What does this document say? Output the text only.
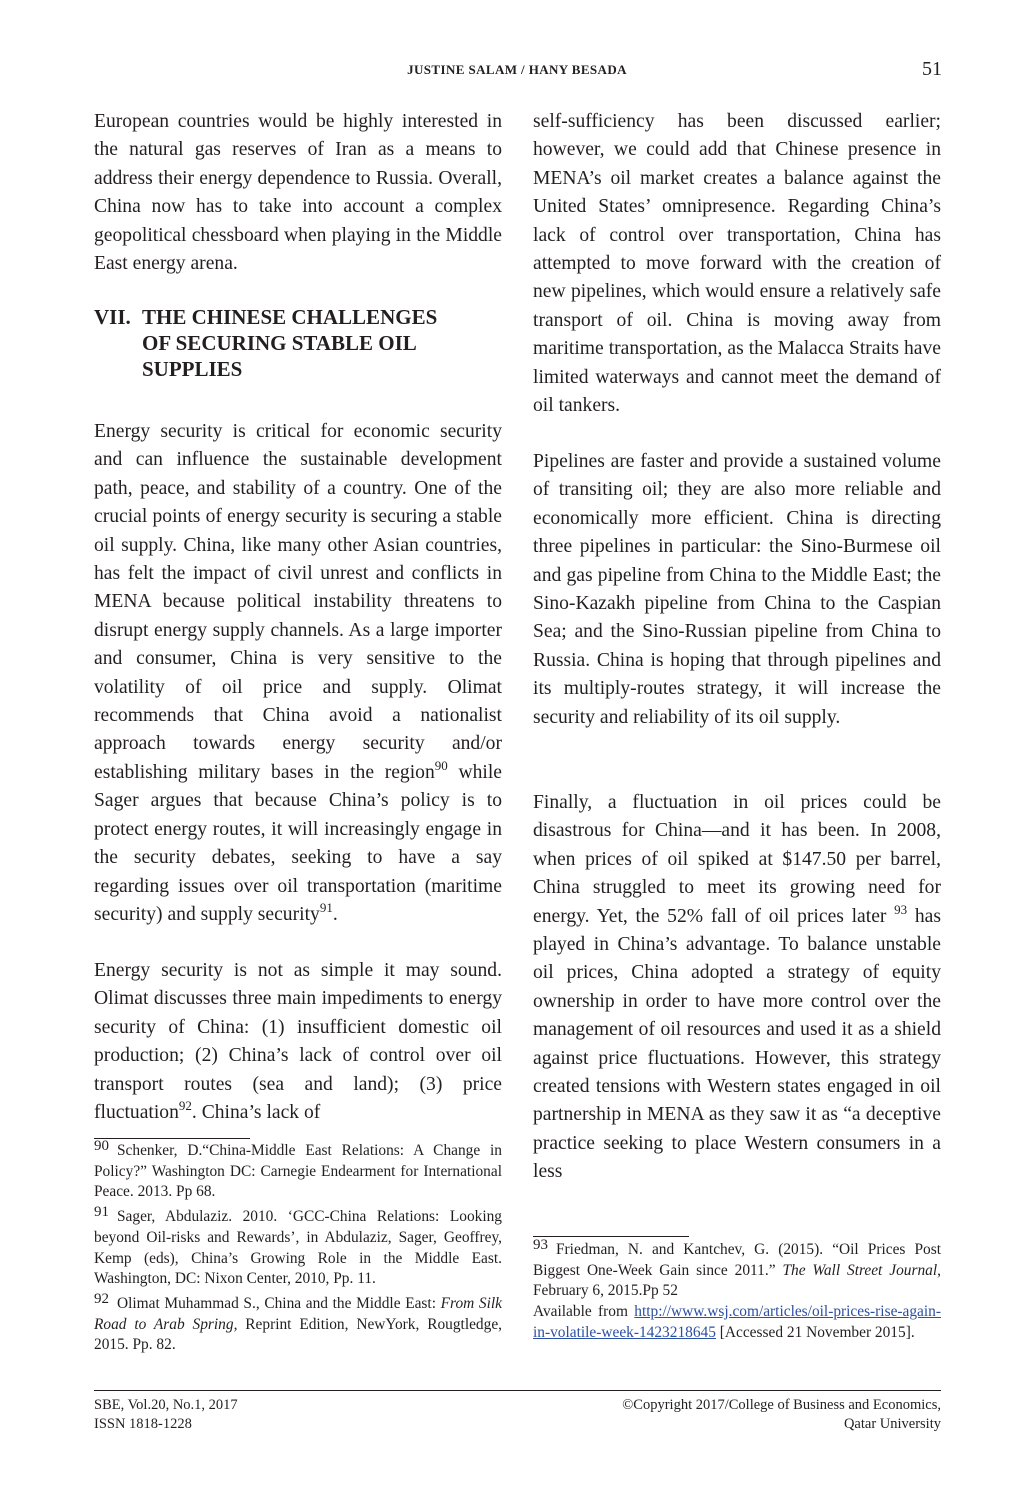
JUSTINE SALAM / HANY BESADA	51

European countries would be highly interested in the natural gas reserves of Iran as a means to address their energy dependence to Russia. Overall, China now has to take into account a complex geopolitical chessboard when playing in the Middle East energy arena.

VII. THE CHINESE CHALLENGES
OF SECURING STABLE OIL
SUPPLIES

Energy security is critical for economic security and can influence the sustainable development path, peace, and stability of a country. One of the crucial points of energy security is securing a stable oil supply. China, like many other Asian countries, has felt the impact of civil unrest and conflicts in MENA because political instability threatens to disrupt energy supply channels. As a large importer and consumer, China is very sensitive to the volatility of oil price and supply. Olimat recommends that China avoid a nationalist approach towards energy security and/or establishing military bases in the region$^{90}$ while Sager argues that because China’s policy is to protect energy routes, it will increasingly engage in the security debates, seeking to have a say regarding issues over oil transportation (maritime security) and supply security$^{91}$.

Energy security is not as simple it may sound. Olimat discusses three main impediments to energy security of China: (1) insufficient domestic oil production; (2) China’s lack of control over oil transport routes (sea and land); (3) price fluctuation$^{92}$. China’s lack of

90 Schenker, D.“China-Middle East Relations: A Change in Policy?” Washington DC: Carnegie Endearment for International Peace. 2013. Pp 68.

91 Sager, Abdulaziz. 2010. ‘GCC-China Relations: Looking beyond Oil-risks and Rewards’, in Abdulaziz, Sager, Geoffrey, Kemp (eds), China’s Growing Role in the Middle East. Washington, DC: Nixon Center, 2010, Pp. 11.

92 Olimat Muhammad S., China and the Middle East: From Silk Road to Arab Spring, Reprint Edition, NewYork, Rougtledge, 2015. Pp. 82.

self-sufficiency has been discussed earlier; however, we could add that Chinese presence in MENA’s oil market creates a balance against the United States’ omnipresence. Regarding China’s lack of control over transportation, China has attempted to move forward with the creation of new pipelines, which would ensure a relatively safe transport of oil. China is moving away from maritime transportation, as the Malacca Straits have limited waterways and cannot meet the demand of oil tankers.

Pipelines are faster and provide a sustained volume of transiting oil; they are also more reliable and economically more efficient. China is directing three pipelines in particular: the Sino-Burmese oil and gas pipeline from China to the Middle East; the Sino-Kazakh pipeline from China to the Caspian Sea; and the Sino-Russian pipeline from China to Russia. China is hoping that through pipelines and its multiply-routes strategy, it will increase the security and reliability of its oil supply.

Finally, a fluctuation in oil prices could be disastrous for China—and it has been. In 2008, when prices of oil spiked at $147.50 per barrel, China struggled to meet its growing need for energy. Yet, the 52% fall of oil prices later $^{93}$ has played in China’s advantage. To balance unstable oil prices, China adopted a strategy of equity ownership in order to have more control over the management of oil resources and used it as a shield against price fluctuations. However, this strategy created tensions with Western states engaged in oil partnership in MENA as they saw it as “a deceptive practice seeking to place Western consumers in a less

93 Friedman, N. and Kantchev, G. (2015). “Oil Prices Post Biggest One-Week Gain since 2011.” The Wall Street Journal, February 6, 2015.Pp 52
Available from http://www.wsj.com/articles/oil-prices-rise-again-in-volatile-week-1423218645 [Accessed 21 November 2015].

SBE, Vol.20, No.1, 2017
ISSN 1818-1228
©Copyright 2017/College of Business and Economics,
Qatar University
